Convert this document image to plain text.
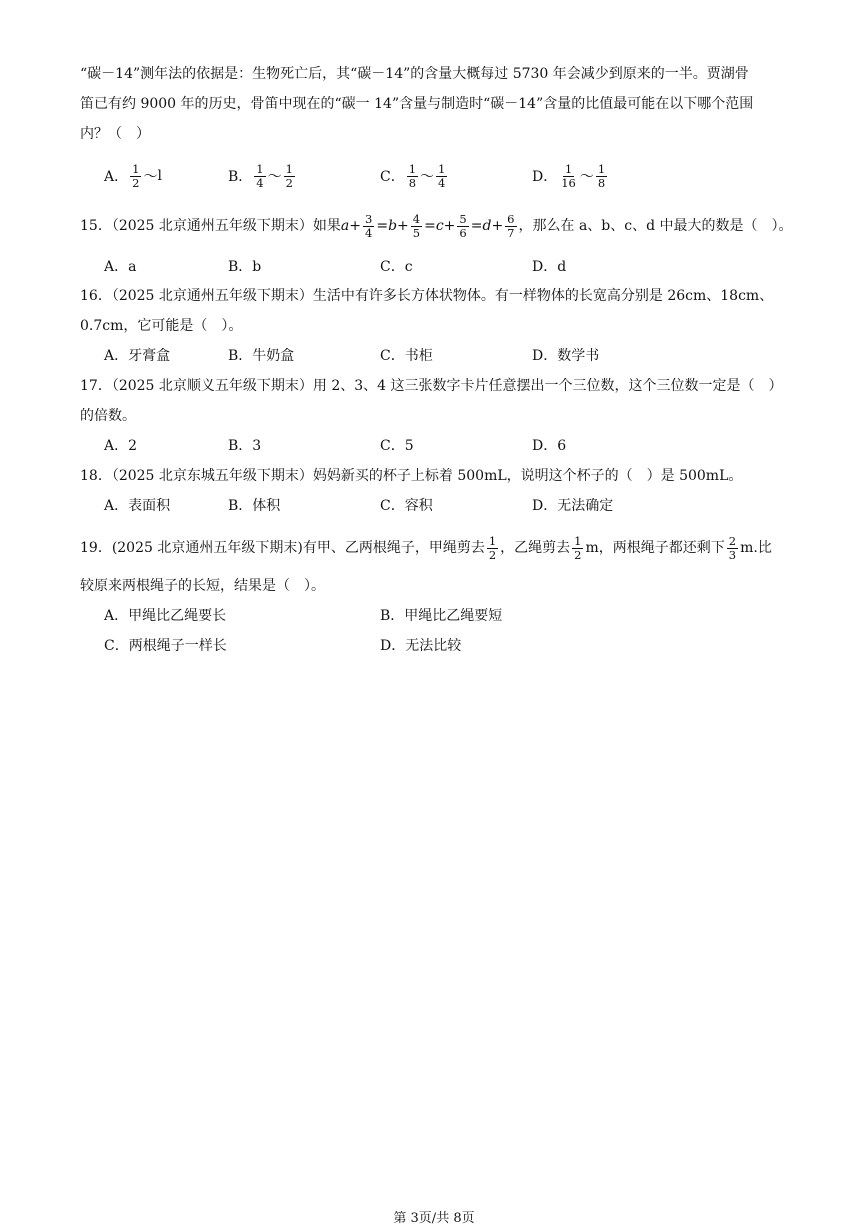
“碳－14”测年法的依据是：生物死亡后，其“碳－14”的含量大概每过 5730 年会减少到原来的一半。贾湖骨
笛已有约 9000 年的历史，骨笛中现在的“碳一 14”含量与制造时“碳－14”含量的比值最可能在以下哪个范围
内？（　）
A． $\frac{1}{2}$ ～ l	B． $\frac{1}{4}$ ～ $\frac{1}{2}$	C． $\frac{1}{8}$ ～ $\frac{1}{4}$	D． $\frac{1}{16}$ ～ $\frac{1}{8}$
15．（2025 北京通州五年级下期末）如果 $a + \frac{3}{4} = b + \frac{4}{5} = c + \frac{5}{6} = d + \frac{6}{7}$ ，那么在 a、b、c、d 中最大的数是（　）。
A．a	B．b	C．c	D．d
16．（2025 北京通州五年级下期末）生活中有许多长方体状物体。有一样物体的长宽高分别是 26cm、18cm、
0.7cm，它可能是（　）。
A．牙膏盒	B．牛奶盒	C．书柜	D．数学书
17．（2025 北京顺义五年级下期末）用 2、3、4 这三张数字卡片任意摆出一个三位数，这个三位数一定是（　）
的倍数。
A．2	B．3	C．5	D．6
18．（2025 北京东城五年级下期末）妈妈新买的杯子上标着 500mL，说明这个杯子的（　）是 500mL。
A．表面积	B．体积	C．容积	D．无法确定
19．(2025 北京通州五年级下期末)有甲、乙两根绳子，甲绳剪去 $\frac{1}{2}$ ，乙绳剪去 $\frac{1}{2}$ m，两根绳子都还剩下 $\frac{2}{3} m$.比
较原来两根绳子的长短，结果是（　）。
A．甲绳比乙绳要长	B．甲绳比乙绳要短
C．两根绳子一样长	D．无法比较
第 3页/共 8页
